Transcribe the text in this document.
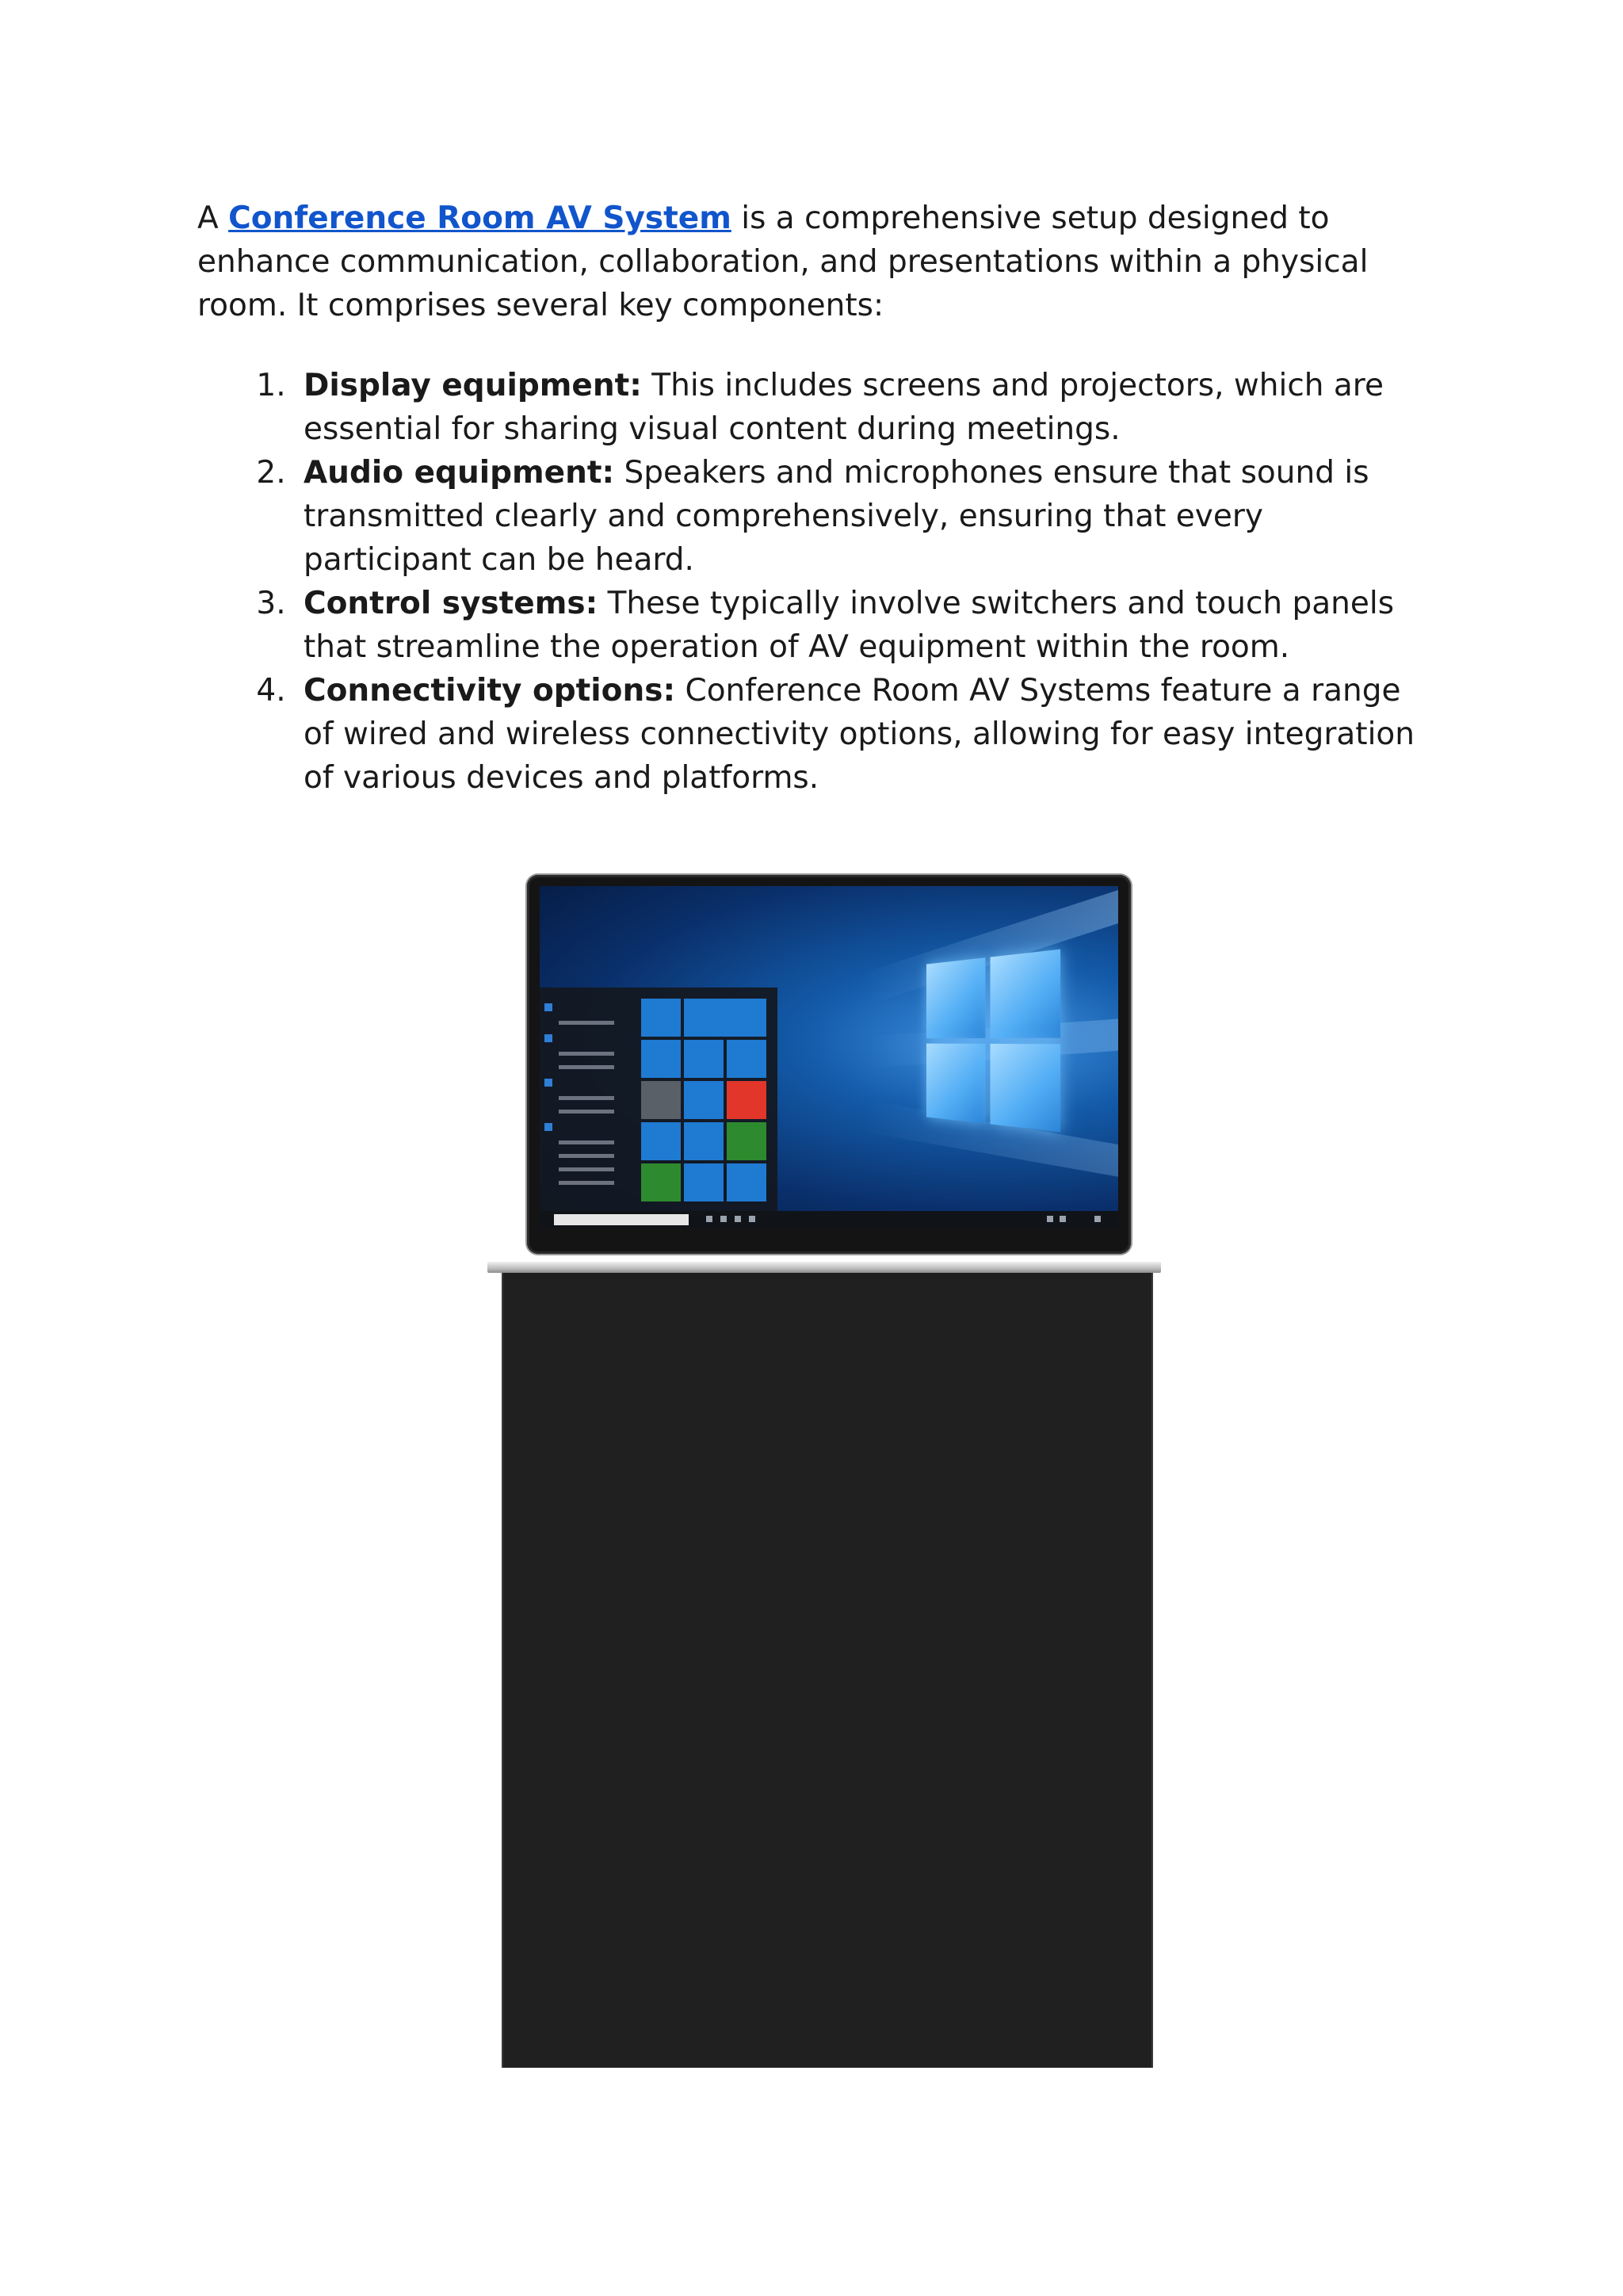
A Conference Room AV System is a comprehensive setup designed to enhance communication, collaboration, and presentations within a physical room. It comprises several key components:

1. Display equipment: This includes screens and projectors, which are essential for sharing visual content during meetings.
2. Audio equipment: Speakers and microphones ensure that sound is transmitted clearly and comprehensively, ensuring that every participant can be heard.
3. Control systems: These typically involve switchers and touch panels that streamline the operation of AV equipment within the room.
4. Connectivity options: Conference Room AV Systems feature a range of wired and wireless connectivity options, allowing for easy integration of various devices and platforms.
